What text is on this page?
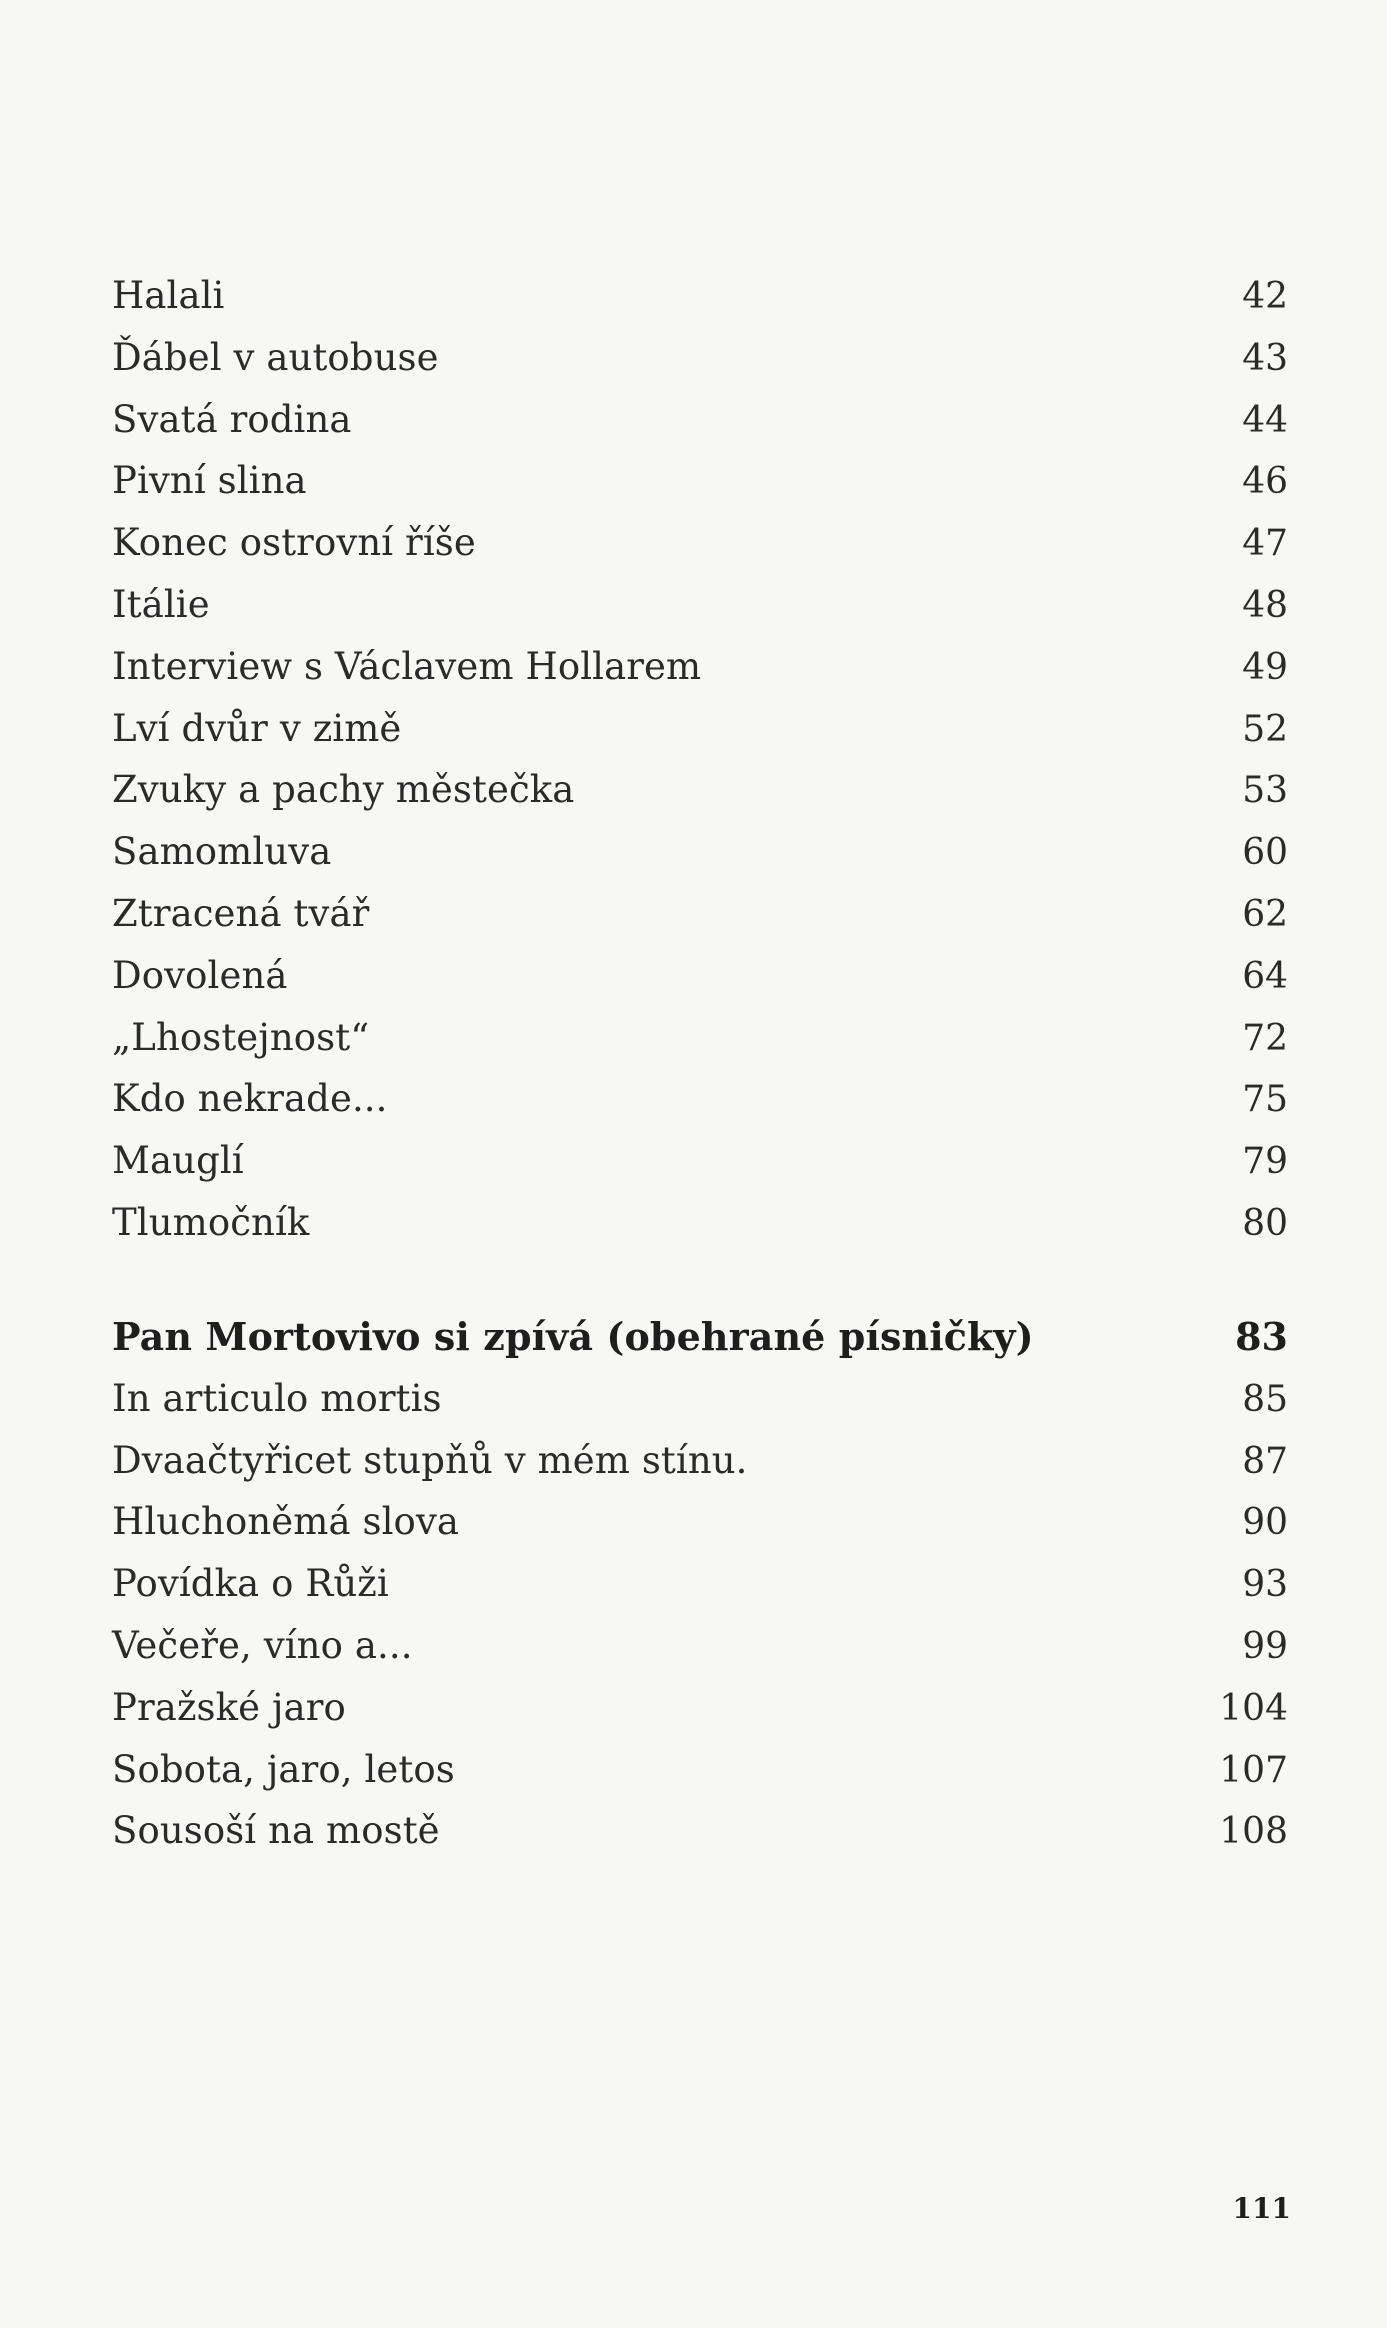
Halali	42
Ďábel v autobuse	43
Svatá rodina	44
Pivní slina	46
Konec ostrovní říše	47
Itálie	48
Interview s Václavem Hollarem	49
Lví dvůr v zimě	52
Zvuky a pachy městečka	53
Samomluva	60
Ztracená tvář	62
Dovolená	64
„Lhostejnost“	72
Kdo nekrade...	75
Mauglí	79
Tlumočník	80
Pan Mortovivo si zpívá (obehrané písničky)	83
In articulo mortis	85
Dvaačtyřicet stupňů v mém stínu.	87
Hluchoněmá slova	90
Povídka o Růži	93
Večeře, víno a...	99
Pražské jaro	104
Sobota, jaro, letos	107
Sousoší na mostě	108
111
